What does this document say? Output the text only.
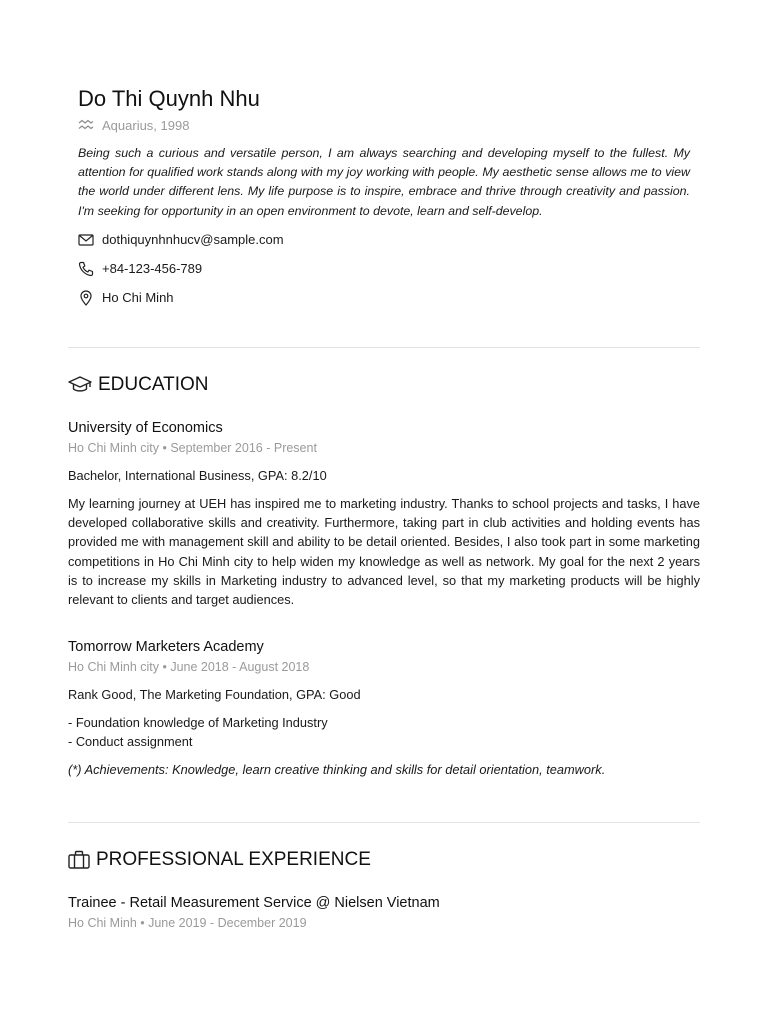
Do Thi Quynh Nhu
Aquarius, 1998
Being such a curious and versatile person, I am always searching and developing myself to the fullest. My attention for qualified work stands along with my joy working with people. My aesthetic sense allows me to view the world under different lens. My life purpose is to inspire, embrace and thrive through creativity and passion. I'm seeking for opportunity in an open environment to devote, learn and self-develop.
dothiquynhnhucv@sample.com
+84-123-456-789
Ho Chi Minh
EDUCATION
University of Economics
Ho Chi Minh city • September 2016 - Present
Bachelor, International Business, GPA: 8.2/10
My learning journey at UEH has inspired me to marketing industry. Thanks to school projects and tasks, I have developed collaborative skills and creativity. Furthermore, taking part in club activities and holding events has provided me with management skill and ability to be detail oriented. Besides, I also took part in some marketing competitions in Ho Chi Minh city to help widen my knowledge as well as network. My goal for the next 2 years is to increase my skills in Marketing industry to advanced level, so that my marketing products will be highly relevant to clients and target audiences.
Tomorrow Marketers Academy
Ho Chi Minh city • June 2018 - August 2018
Rank Good, The Marketing Foundation, GPA: Good
- Foundation knowledge of Marketing Industry
- Conduct assignment
(*) Achievements: Knowledge, learn creative thinking and skills for detail orientation, teamwork.
PROFESSIONAL EXPERIENCE
Trainee - Retail Measurement Service @ Nielsen Vietnam
Ho Chi Minh • June 2019 - December 2019
